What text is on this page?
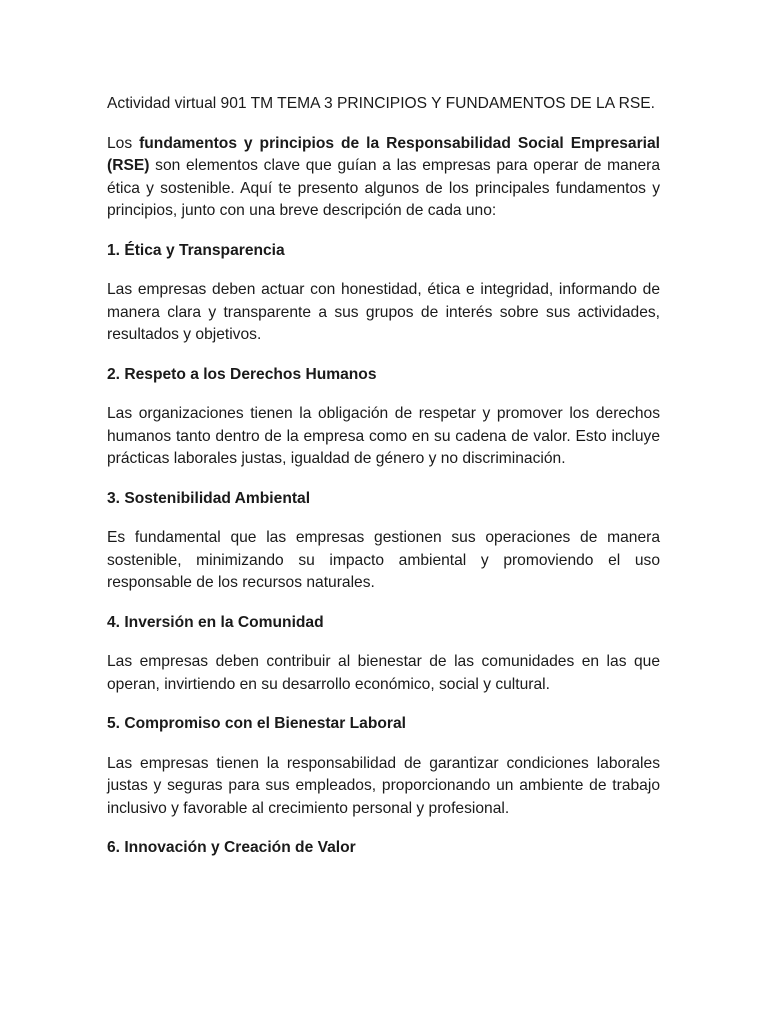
Actividad virtual 901 TM TEMA 3 PRINCIPIOS Y FUNDAMENTOS DE LA RSE.

Los fundamentos y principios de la Responsabilidad Social Empresarial (RSE) son elementos clave que guían a las empresas para operar de manera ética y sostenible. Aquí te presento algunos de los principales fundamentos y principios, junto con una breve descripción de cada uno:

1. Ética y Transparencia

Las empresas deben actuar con honestidad, ética e integridad, informando de manera clara y transparente a sus grupos de interés sobre sus actividades, resultados y objetivos.

2. Respeto a los Derechos Humanos

Las organizaciones tienen la obligación de respetar y promover los derechos humanos tanto dentro de la empresa como en su cadena de valor. Esto incluye prácticas laborales justas, igualdad de género y no discriminación.

3. Sostenibilidad Ambiental

Es fundamental que las empresas gestionen sus operaciones de manera sostenible, minimizando su impacto ambiental y promoviendo el uso responsable de los recursos naturales.

4. Inversión en la Comunidad

Las empresas deben contribuir al bienestar de las comunidades en las que operan, invirtiendo en su desarrollo económico, social y cultural.

5. Compromiso con el Bienestar Laboral

Las empresas tienen la responsabilidad de garantizar condiciones laborales justas y seguras para sus empleados, proporcionando un ambiente de trabajo inclusivo y favorable al crecimiento personal y profesional.

6. Innovación y Creación de Valor
